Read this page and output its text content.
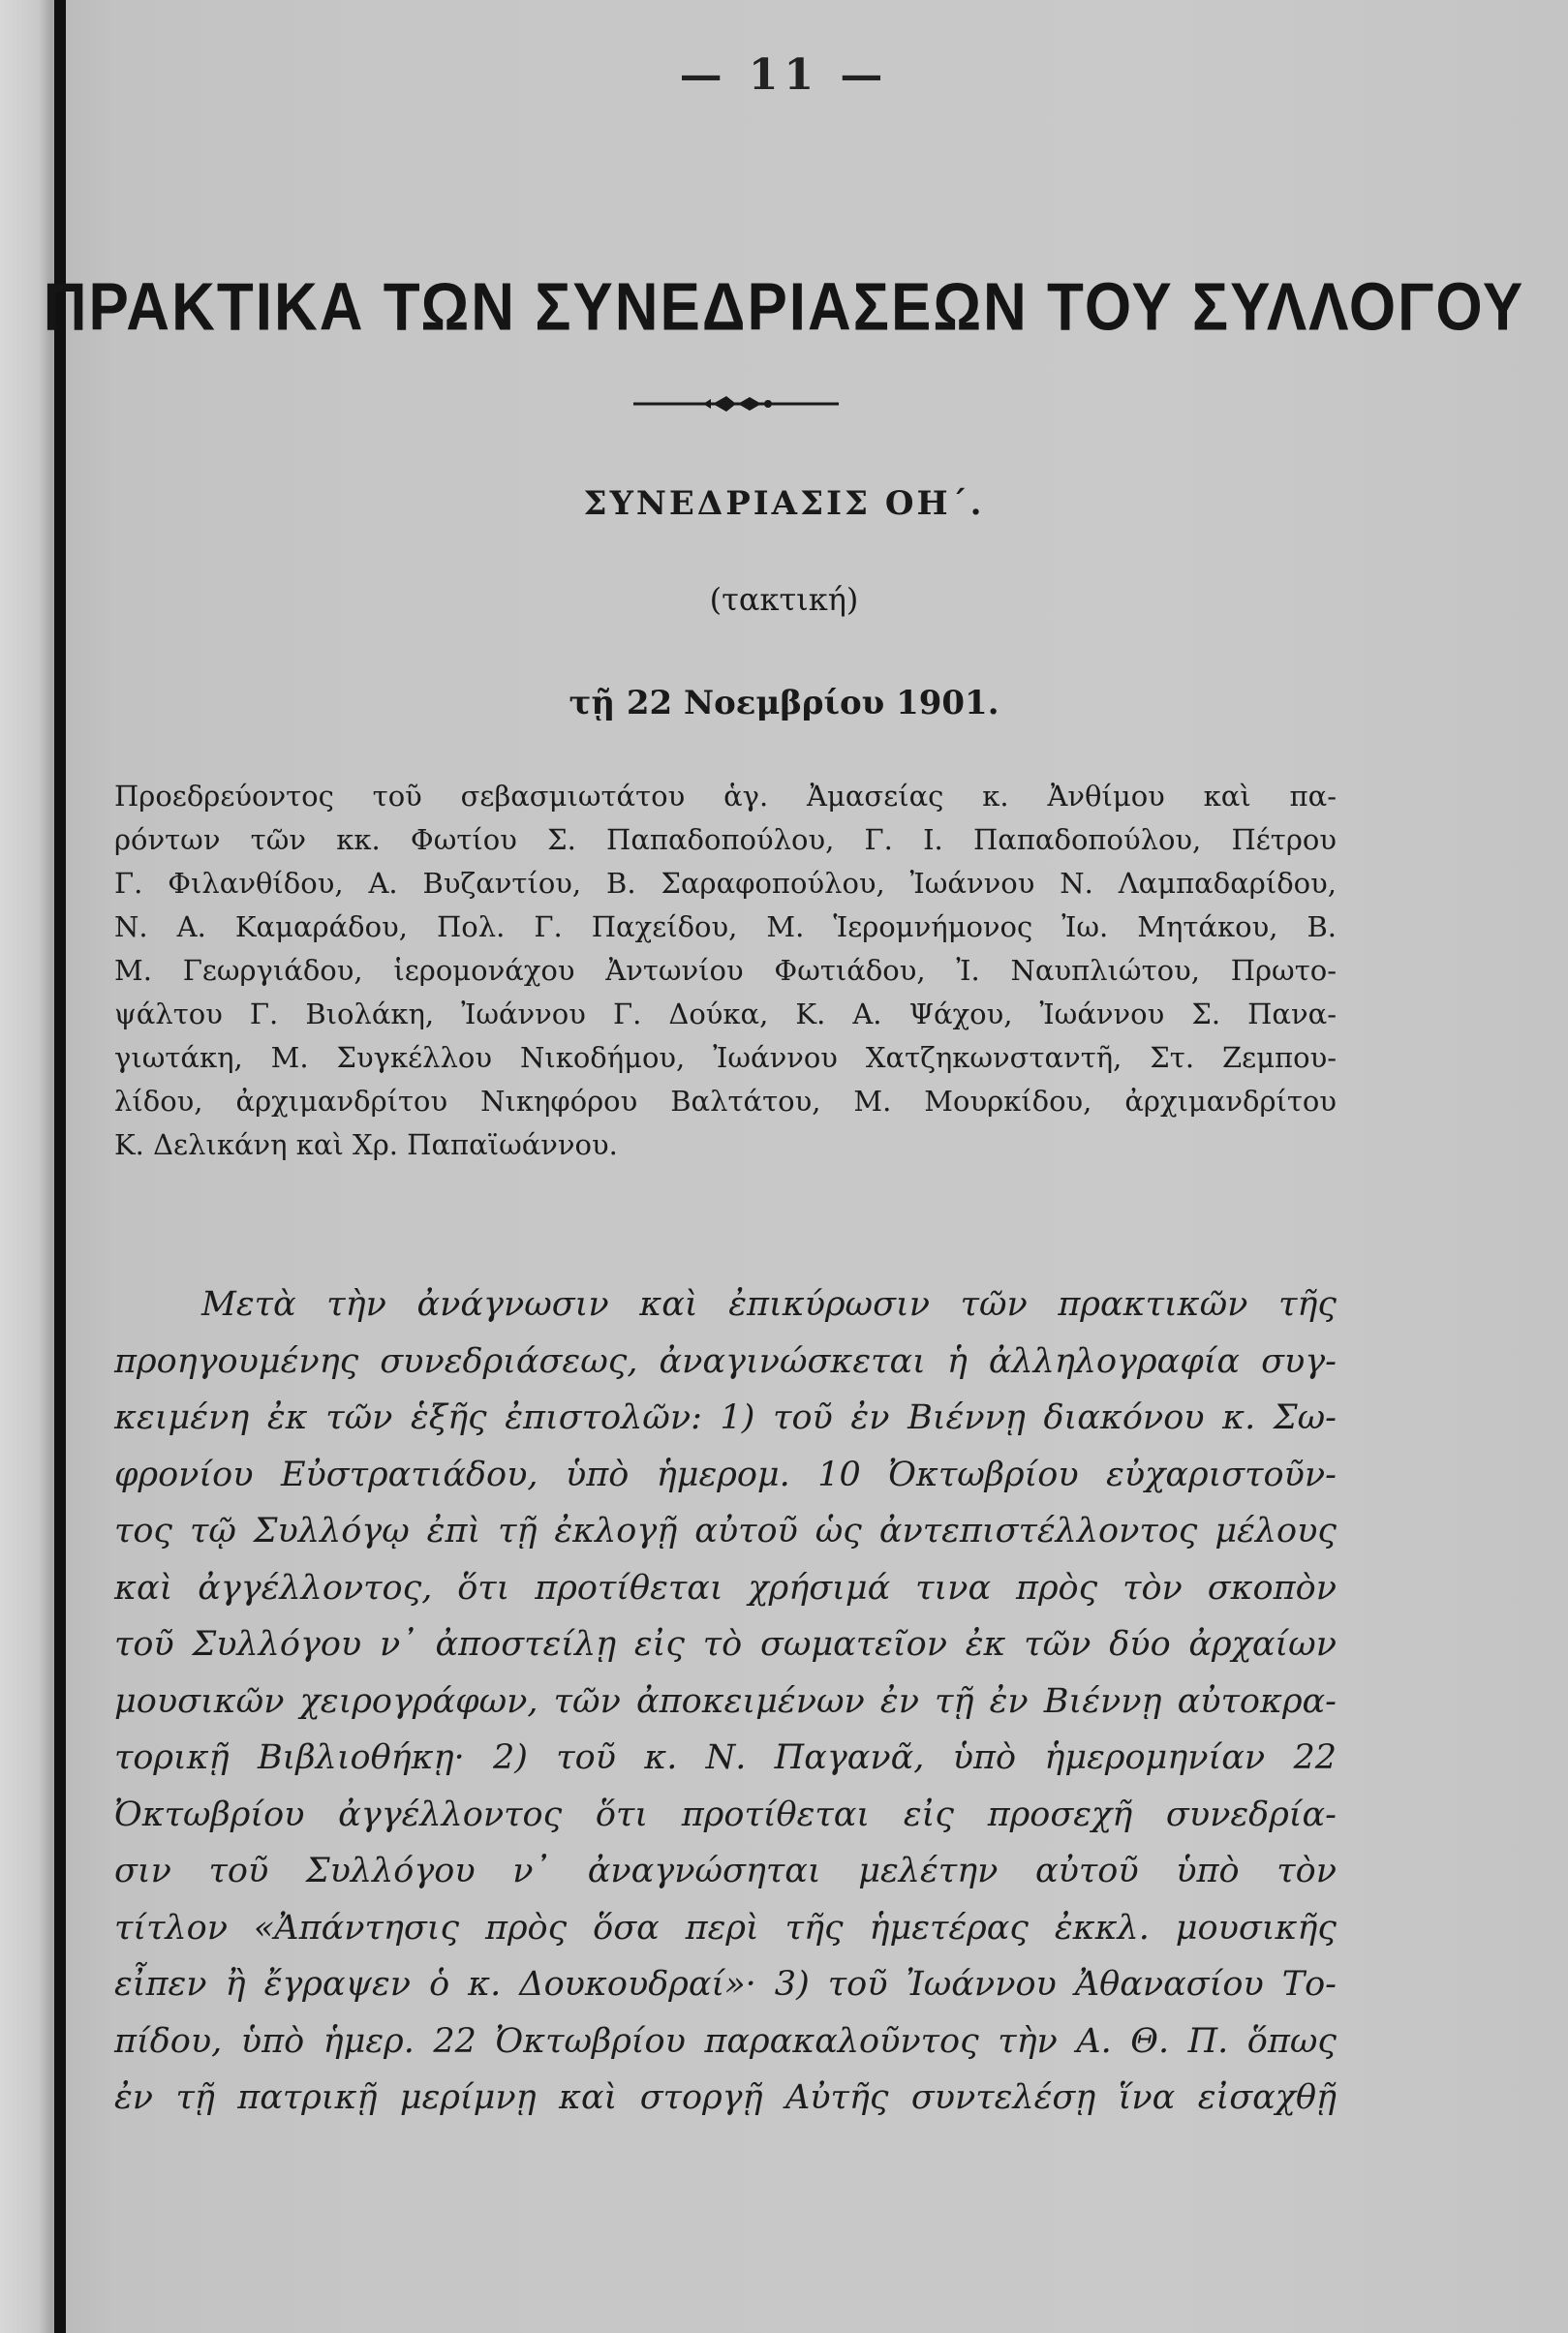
— 11 —
ΠΡΑΚΤΙΚΑ ΤΩΝ ΣΥΝΕΔΡΙΑΣΕΩΝ ΤΟΥ ΣΥΛΛΟΓΟΥ
ΣΥΝΕΔΡΙΑΣΙΣ ΟΗ΄.
(τακτική)
τῇ 22 Νοεμβρίου 1901.
Προεδρεύοντος τοῦ σεβασμιωτάτου ἁγ. Ἀμασείας κ. Ἀνθίμου καὶ πα-
ρόντων τῶν κκ. Φωτίου Σ. Παπαδοπούλου, Γ. Ι. Παπαδοπούλου, Πέτρου
Γ. Φιλανθίδου, Α. Βυζαντίου, Β. Σαραφοπούλου, Ἰωάννου Ν. Λαμπαδαρίδου,
Ν. Α. Καμαράδου, Πολ. Γ. Παχείδου, Μ. Ἱερομνήμονος Ἰω. Μητάκου, Β.
Μ. Γεωργιάδου, ἱερομονάχου Ἀντωνίου Φωτιάδου, Ἰ. Ναυπλιώτου, Πρωτο-
ψάλτου Γ. Βιολάκη, Ἰωάννου Γ. Δούκα, Κ. Α. Ψάχου, Ἰωάννου Σ. Πανα-
γιωτάκη, Μ. Συγκέλλου Νικοδήμου, Ἰωάννου Χατζηκωνσταντῆ, Στ. Ζεμπου-
λίδου, ἀρχιμανδρίτου Νικηφόρου Βαλτάτου, Μ. Μουρκίδου, ἀρχιμανδρίτου
Κ. Δελικάνη καὶ Χρ. Παπαϊωάννου.
Μετὰ τὴν ἀνάγνωσιν καὶ ἐπικύρωσιν τῶν πρακτικῶν τῆς
προηγουμένης συνεδριάσεως, ἀναγινώσκεται ἡ ἀλληλογραφία συγ-
κειμένη ἐκ τῶν ἑξῆς ἐπιστολῶν: 1) τοῦ ἐν Βιέννῃ διακόνου κ. Σω-
φρονίου Εὐστρατιάδου, ὑπὸ ἡμερομ. 10 Ὀκτωβρίου εὐχαριστοῦν-
τος τῷ Συλλόγῳ ἐπὶ τῇ ἐκλογῇ αὐτοῦ ὡς ἀντεπιστέλλοντος μέλους
καὶ ἀγγέλλοντος, ὅτι προτίθεται χρήσιμά τινα πρὸς τὸν σκοπὸν
τοῦ Συλλόγου ν᾽ ἀποστείλῃ εἰς τὸ σωματεῖον ἐκ τῶν δύο ἀρχαίων
μουσικῶν χειρογράφων, τῶν ἀποκειμένων ἐν τῇ ἐν Βιέννῃ αὐτοκρα-
τορικῇ Βιβλιοθήκῃ· 2) τοῦ κ. Ν. Παγανᾶ, ὑπὸ ἡμερομηνίαν 22
Ὀκτωβρίου ἀγγέλλοντος ὅτι προτίθεται εἰς προσεχῆ συνεδρία-
σιν τοῦ Συλλόγου ν᾽ ἀναγνώσηται μελέτην αὐτοῦ ὑπὸ τὸν
τίτλον «Ἀπάντησις πρὸς ὅσα περὶ τῆς ἡμετέρας ἐκκλ. μουσικῆς
εἶπεν ἢ ἔγραψεν ὁ κ. Δουκουδραί»· 3) τοῦ Ἰωάννου Ἀθανασίου Το-
πίδου, ὑπὸ ἡμερ. 22 Ὀκτωβρίου παρακαλοῦντος τὴν Α. Θ. Π. ὅπως
ἐν τῇ πατρικῇ μερίμνῃ καὶ στοργῇ Αὐτῆς συντελέσῃ ἵνα εἰσαχθῇ
